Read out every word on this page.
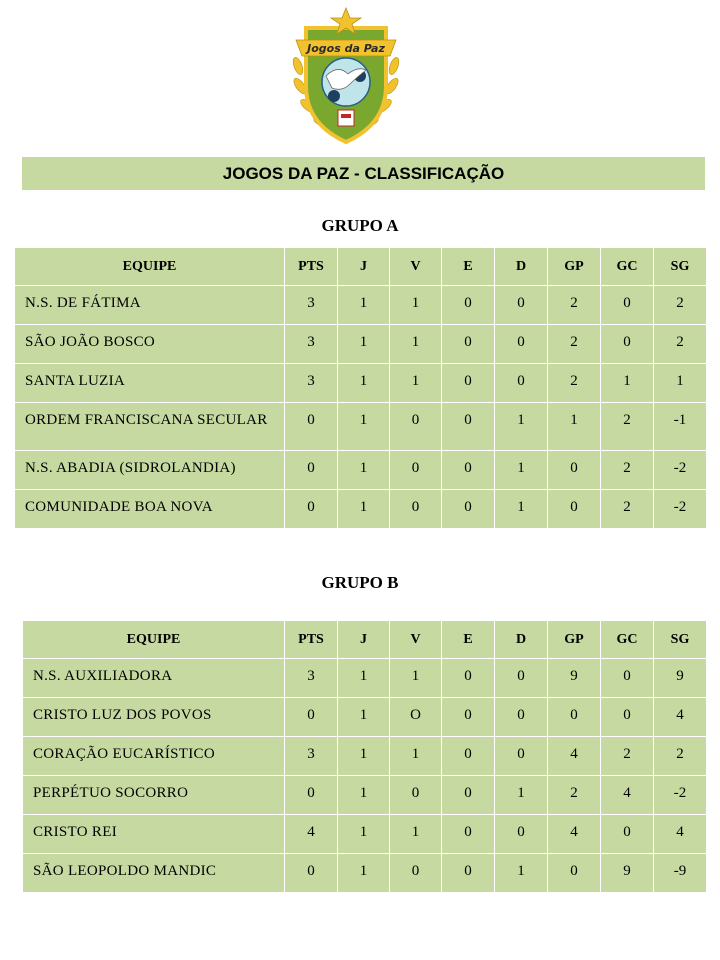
Jogos da Paz
JOGOS DA PAZ - CLASSIFICAÇÃO
GRUPO A
EQUIPE	PTS	J	V	E	D	GP	GC	SG
N.S. DE FÁTIMA	3	1	1	0	0	2	0	2
SÃO JOÃO BOSCO	3	1	1	0	0	2	0	2
SANTA LUZIA	3	1	1	0	0	2	1	1
ORDEM FRANCISCANA SECULAR	0	1	0	0	1	1	2	-1
N.S. ABADIA (SIDROLANDIA)	0	1	0	0	1	0	2	-2
COMUNIDADE BOA NOVA	0	1	0	0	1	0	2	-2
GRUPO B
EQUIPE	PTS	J	V	E	D	GP	GC	SG
N.S. AUXILIADORA	3	1	1	0	0	9	0	9
CRISTO LUZ DOS POVOS	0	1	O	0	0	0	0	4
CORAÇÃO EUCARÍSTICO	3	1	1	0	0	4	2	2
PERPÉTUO SOCORRO	0	1	0	0	1	2	4	-2
CRISTO REI	4	1	1	0	0	4	0	4
SÃO LEOPOLDO MANDIC	0	1	0	0	1	0	9	-9
